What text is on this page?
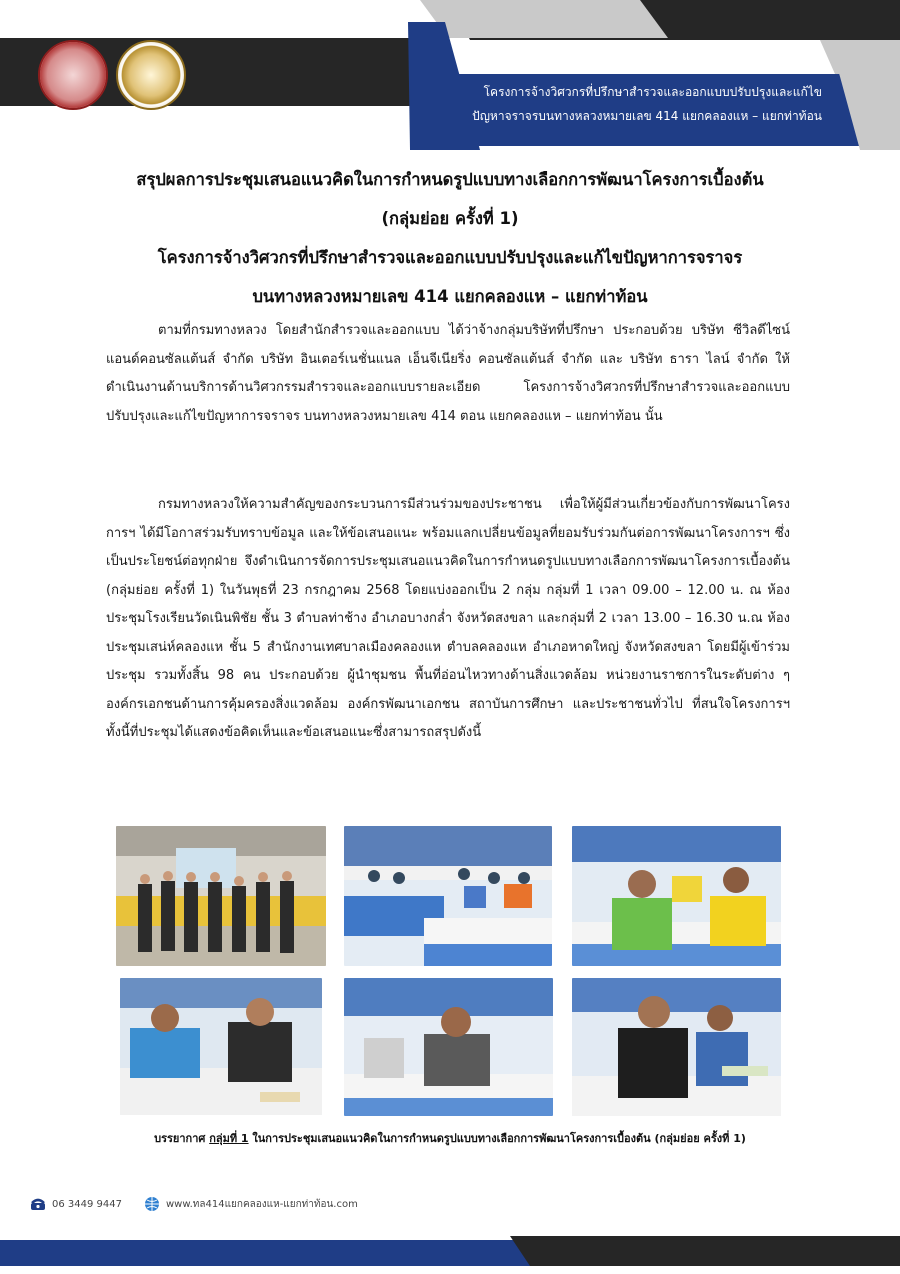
โครงการจ้างวิศวกรที่ปรึกษาสำรวจและออกแบบปรับปรุงและแก้ไข
ปัญหาจราจรบนทางหลวงหมายเลข 414 แยกคลองแห – แยกท่าท้อน
สรุปผลการประชุมเสนอแนวคิดในการกำหนดรูปแบบทางเลือกการพัฒนาโครงการเบื้องต้น
(กลุ่มย่อย ครั้งที่ 1)
โครงการจ้างวิศวกรที่ปรึกษาสำรวจและออกแบบปรับปรุงและแก้ไขปัญหาการจราจร
บนทางหลวงหมายเลข 414 แยกคลองแห – แยกท่าท้อน
ตามที่กรมทางหลวง โดยสำนักสำรวจและออกแบบ ได้ว่าจ้างกลุ่มบริษัทที่ปรึกษา ประกอบด้วย บริษัท ซีวิลดีไซน์แอนด์คอนซัลแต้นส์ จำกัด บริษัท อินเตอร์เนชั่นแนล เอ็นจีเนียริ่ง คอนซัลแต้นส์ จำกัด และ บริษัท ธารา ไลน์ จำกัด ให้ดำเนินงานด้านบริการด้านวิศวกรรมสำรวจและออกแบบรายละเอียด โครงการจ้างวิศวกรที่ปรึกษาสำรวจและออกแบบปรับปรุงและแก้ไขปัญหาการจราจร บนทางหลวงหมายเลข 414 ตอน แยกคลองแห – แยกท่าท้อน นั้น
กรมทางหลวงให้ความสำคัญของกระบวนการมีส่วนร่วมของประชาชน เพื่อให้ผู้มีส่วนเกี่ยวข้องกับการพัฒนาโครงการฯ ได้มีโอกาสร่วมรับทราบข้อมูล และให้ข้อเสนอแนะ พร้อมแลกเปลี่ยนข้อมูลที่ยอมรับร่วมกันต่อการพัฒนาโครงการฯ ซึ่งเป็นประโยชน์ต่อทุกฝ่าย จึงดำเนินการจัดการประชุมเสนอแนวคิดในการกำหนดรูปแบบทางเลือกการพัฒนาโครงการเบื้องต้น (กลุ่มย่อย ครั้งที่ 1) ในวันพุธที่ 23 กรกฎาคม 2568 โดยแบ่งออกเป็น 2 กลุ่ม กลุ่มที่ 1 เวลา 09.00 – 12.00 น. ณ ห้องประชุมโรงเรียนวัดเนินพิชัย ชั้น 3 ตำบลท่าช้าง อำเภอบางกล่ำ จังหวัดสงขลา และกลุ่มที่ 2 เวลา 13.00 – 16.30 น.ณ ห้องประชุมเสน่ห์คลองแห ชั้น 5 สำนักงานเทศบาลเมืองคลองแห ตำบลคลองแห อำเภอหาดใหญ่ จังหวัดสงขลา โดยมีผู้เข้าร่วมประชุม รวมทั้งสิ้น 98 คน ประกอบด้วย ผู้นำชุมชน พื้นที่อ่อนไหวทางด้านสิ่งแวดล้อม หน่วยงานราชการในระดับต่าง ๆ องค์กรเอกชนด้านการคุ้มครองสิ่งแวดล้อม องค์กรพัฒนาเอกชน สถาบันการศึกษา และประชาชนทั่วไป ที่สนใจโครงการฯ ทั้งนี้ที่ประชุมได้แสดงข้อคิดเห็นและข้อเสนอแนะซึ่งสามารถสรุปดังนี้
บรรยากาศ กลุ่มที่ 1 ในการประชุมเสนอแนวคิดในการกำหนดรูปแบบทางเลือกการพัฒนาโครงการเบื้องต้น (กลุ่มย่อย ครั้งที่ 1)
06 3449 9447	www.ทล414แยกคลองแห-แยกท่าท้อน.com
